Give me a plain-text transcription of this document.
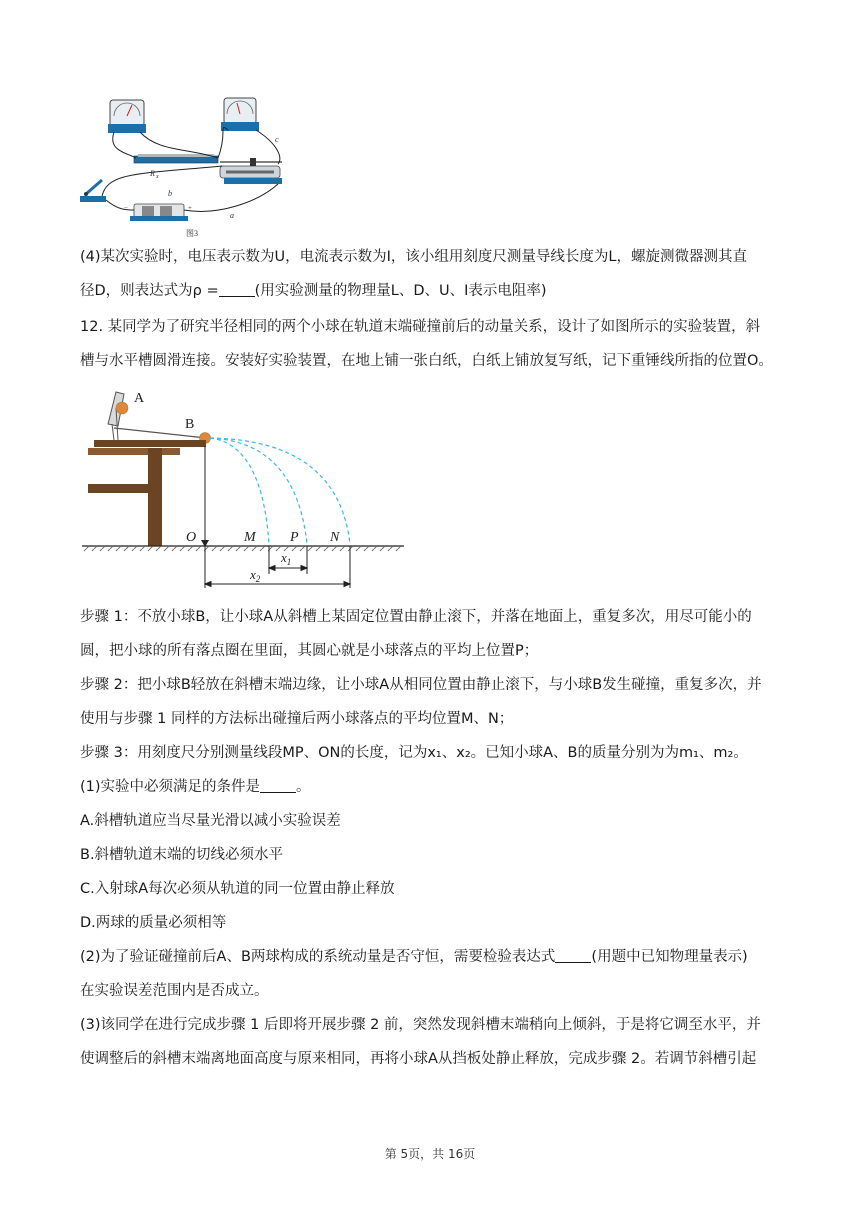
R x
c
b
a
−	+
图3
(4)某次实验时，电压表示数为U，电流表示数为I，该小组用刻度尺测量导线长度为L，螺旋测微器测其直
径D，则表达式为ρ = (用实验测量的物理量L、D、U、I表示电阻率)
12. 某同学为了研究半径相同的两个小球在轨道末端碰撞前后的动量关系，设计了如图所示的实验装置，斜
槽与水平槽圆滑连接。安装好实验装置，在地上铺一张白纸，白纸上铺放复写纸，记下重锤线所指的位置O。
A
B
O	M P N
$x_1$
$x_2$
步骤 1：不放小球B，让小球A从斜槽上某固定位置由静止滚下，并落在地面上，重复多次，用尽可能小的
圆，把小球的所有落点圈在里面，其圆心就是小球落点的平均上位置P；
步骤 2：把小球B轻放在斜槽末端边缘，让小球A从相同位置由静止滚下，与小球B发生碰撞，重复多次，并
使用与步骤 1 同样的方法标出碰撞后两小球落点的平均位置M、N；
步骤 3：用刻度尺分别测量线段MP、ON的长度，记为x₁、x₂。已知小球A、B的质量分别为为m₁、m₂。
(1)实验中必须满足的条件是 。
A.斜槽轨道应当尽量光滑以减小实验误差
B.斜槽轨道末端的切线必须水平
C.入射球A每次必须从轨道的同一位置由静止释放
D.两球的质量必须相等
(2)为了验证碰撞前后A、B两球构成的系统动量是否守恒，需要检验表达式 (用题中已知物理量表示)
在实验误差范围内是否成立。
(3)该同学在进行完成步骤 1 后即将开展步骤 2 前，突然发现斜槽末端稍向上倾斜，于是将它调至水平，并
使调整后的斜槽末端离地面高度与原来相同，再将小球A从挡板处静止释放，完成步骤 2。若调节斜槽引起
第 5页，共 16页
